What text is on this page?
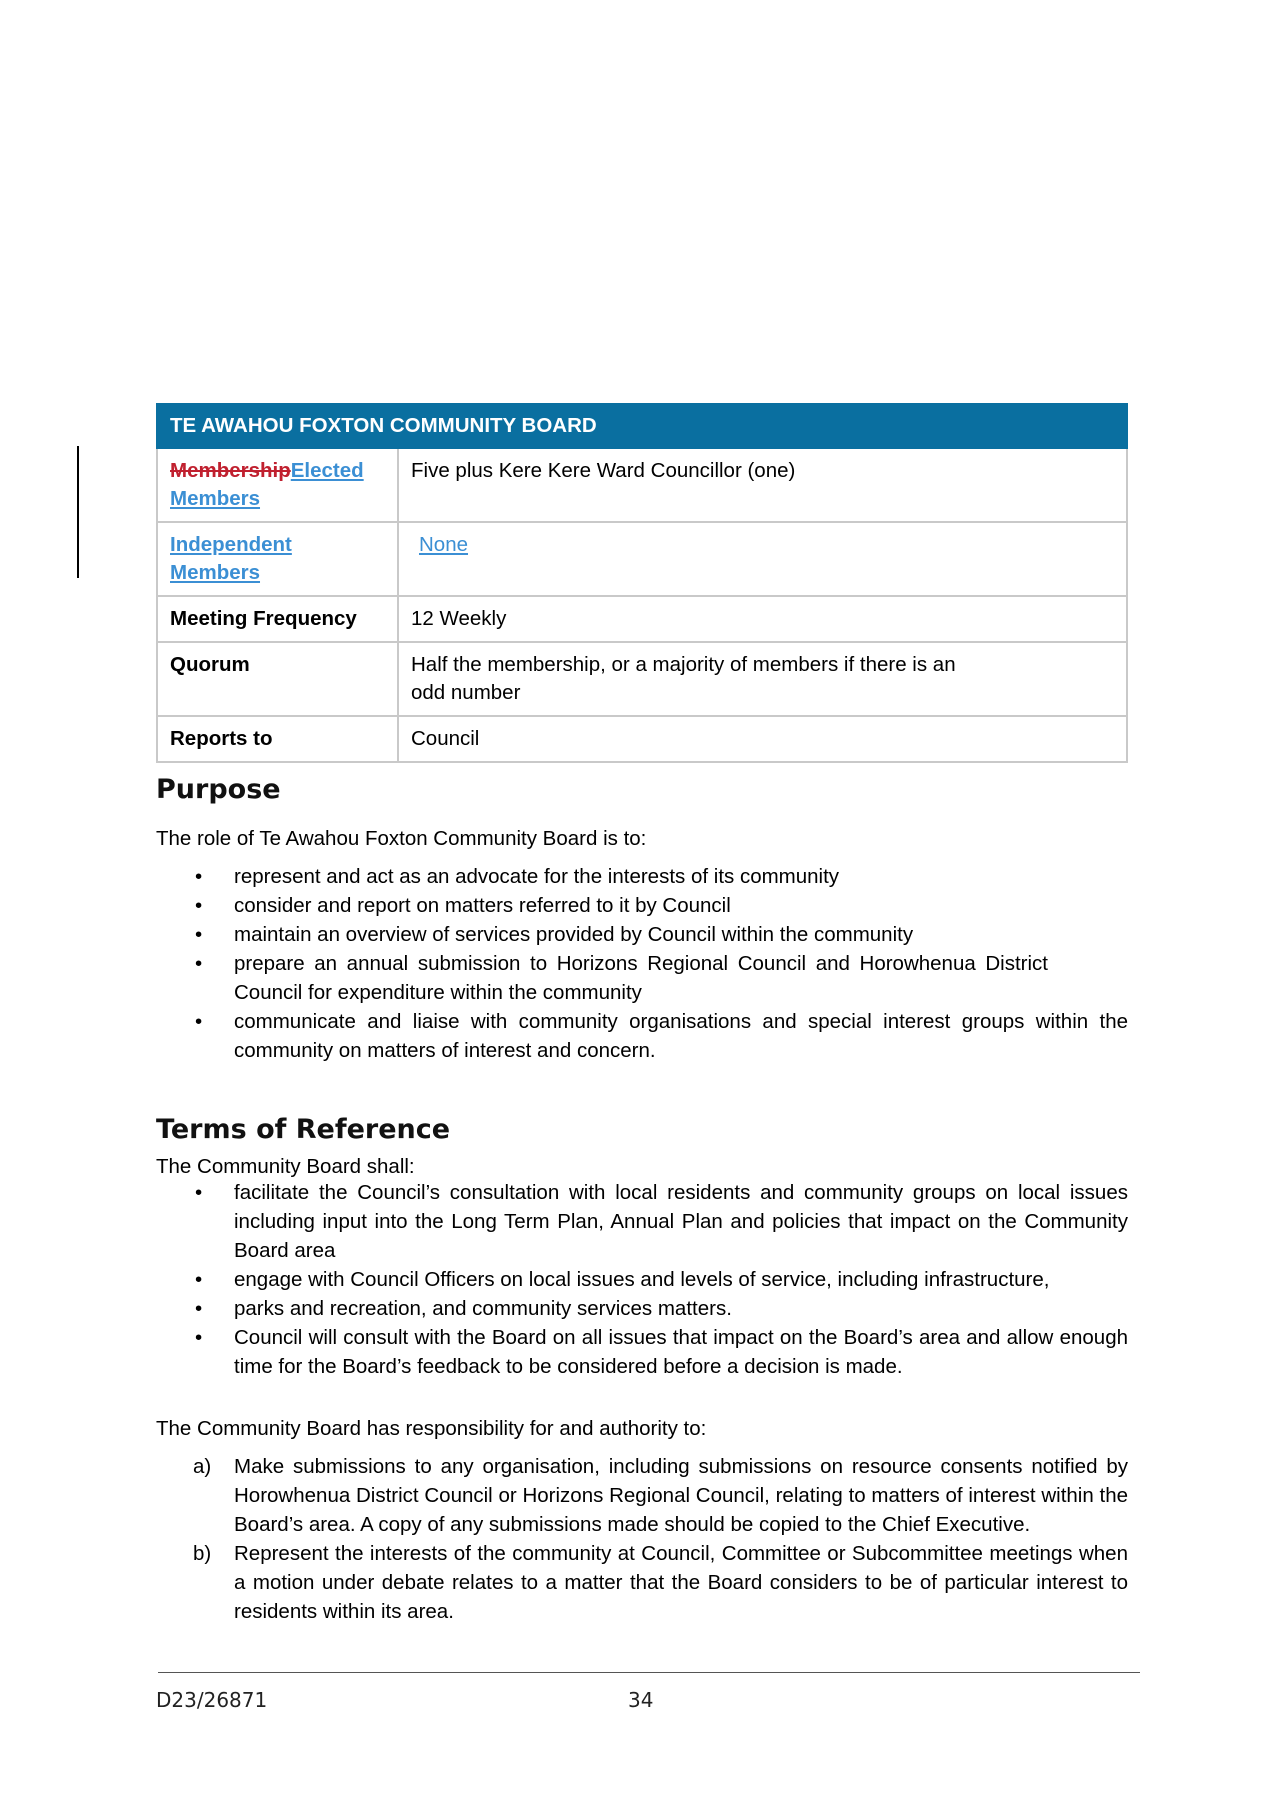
TE AWAHOU FOXTON COMMUNITY BOARD	
MembershipElected Members	Five plus Kere Kere Ward Councillor (one)
Independent Members	None
Meeting Frequency	12 Weekly
Quorum	Half the membership, or a majority of members if there is an odd number
Reports to	Council
Purpose

The role of Te Awahou Foxton Community Board is to:

• represent and act as an advocate for the interests of its community
• consider and report on matters referred to it by Council
• maintain an overview of services provided by Council within the community
• prepare an annual submission to Horizons Regional Council and Horowhenua District Council for expenditure within the community
• communicate and liaise with community organisations and special interest groups within the community on matters of interest and concern.
Terms of Reference

The Community Board shall:

• facilitate the Council’s consultation with local residents and community groups on local issues including input into the Long Term Plan, Annual Plan and policies that impact on the Community Board area
• engage with Council Officers on local issues and levels of service, including infrastructure,
• parks and recreation, and community services matters.
• Council will consult with the Board on all issues that impact on the Board’s area and allow enough time for the Board’s feedback to be considered before a decision is made.

The Community Board has responsibility for and authority to:

a) Make submissions to any organisation, including submissions on resource consents notified by Horowhenua District Council or Horizons Regional Council, relating to matters of interest within the Board’s area. A copy of any submissions made should be copied to the Chief Executive.
b) Represent the interests of the community at Council, Committee or Subcommittee meetings when a motion under debate relates to a matter that the Board considers to be of particular interest to residents within its area.
D23/26871	34
